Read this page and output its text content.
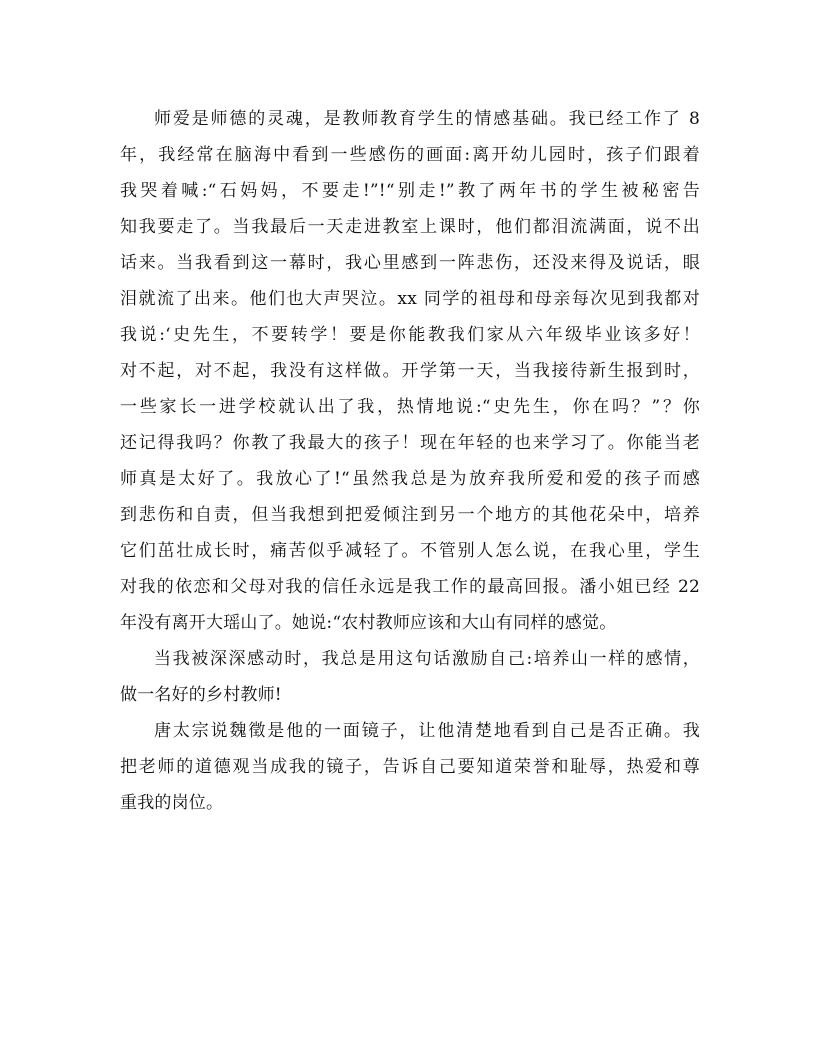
师爱是师德的灵魂，是教师教育学生的情感基础。我已经工作了 8
年，我经常在脑海中看到一些感伤的画面:离开幼儿园时，孩子们跟着
我哭着喊:“石妈妈，不要走!”!“别走!”教了两年书的学生被秘密告
知我要走了。当我最后一天走进教室上课时，他们都泪流满面，说不出
话来。当我看到这一幕时，我心里感到一阵悲伤，还没来得及说话，眼
泪就流了出来。他们也大声哭泣。xx 同学的祖母和母亲每次见到我都对
我说:‘史先生，不要转学！要是你能教我们家从六年级毕业该多好！
对不起，对不起，我没有这样做。开学第一天，当我接待新生报到时，
一些家长一进学校就认出了我，热情地说:“史先生，你在吗？”？你
还记得我吗？你教了我最大的孩子！现在年轻的也来学习了。你能当老
师真是太好了。我放心了!“虽然我总是为放弃我所爱和爱的孩子而感
到悲伤和自责，但当我想到把爱倾注到另一个地方的其他花朵中，培养
它们茁壮成长时，痛苦似乎减轻了。不管别人怎么说，在我心里，学生
对我的依恋和父母对我的信任永远是我工作的最高回报。潘小姐已经 22
年没有离开大瑶山了。她说:“农村教师应该和大山有同样的感觉。
当我被深深感动时，我总是用这句话激励自己:培养山一样的感情，
做一名好的乡村教师!
唐太宗说魏徵是他的一面镜子，让他清楚地看到自己是否正确。我
把老师的道德观当成我的镜子，告诉自己要知道荣誉和耻辱，热爱和尊
重我的岗位。
